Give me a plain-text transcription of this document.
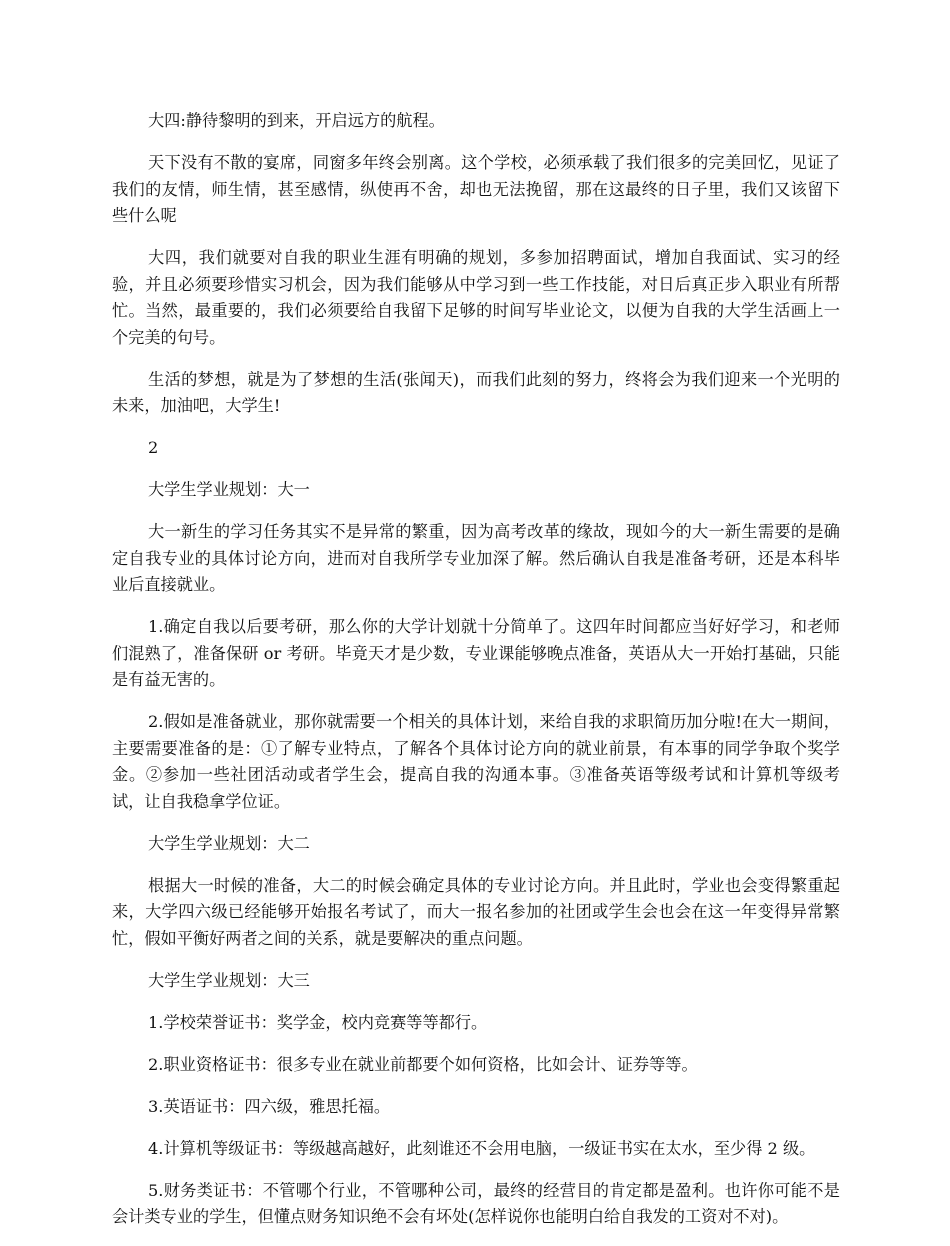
大四:静待黎明的到来，开启远方的航程。

天下没有不散的宴席，同窗多年终会别离。这个学校，必须承载了我们很多的完美回忆，见证了我们的友情，师生情，甚至感情，纵使再不舍，却也无法挽留，那在这最终的日子里，我们又该留下些什么呢

大四，我们就要对自我的职业生涯有明确的规划，多参加招聘面试，增加自我面试、实习的经验，并且必须要珍惜实习机会，因为我们能够从中学习到一些工作技能，对日后真正步入职业有所帮忙。当然，最重要的，我们必须要给自我留下足够的时间写毕业论文，以便为自我的大学生活画上一个完美的句号。

生活的梦想，就是为了梦想的生活(张闻天)，而我们此刻的努力，终将会为我们迎来一个光明的未来，加油吧，大学生!

2

大学生学业规划：大一

大一新生的学习任务其实不是异常的繁重，因为高考改革的缘故，现如今的大一新生需要的是确定自我专业的具体讨论方向，进而对自我所学专业加深了解。然后确认自我是准备考研，还是本科毕业后直接就业。

1.确定自我以后要考研，那么你的大学计划就十分简单了。这四年时间都应当好好学习，和老师们混熟了，准备保研 or 考研。毕竟天才是少数，专业课能够晚点准备，英语从大一开始打基础，只能是有益无害的。

2.假如是准备就业，那你就需要一个相关的具体计划，来给自我的求职简历加分啦!在大一期间，主要需要准备的是：①了解专业特点，了解各个具体讨论方向的就业前景，有本事的同学争取个奖学金。②参加一些社团活动或者学生会，提高自我的沟通本事。③准备英语等级考试和计算机等级考试，让自我稳拿学位证。

大学生学业规划：大二

根据大一时候的准备，大二的时候会确定具体的专业讨论方向。并且此时，学业也会变得繁重起来，大学四六级已经能够开始报名考试了，而大一报名参加的社团或学生会也会在这一年变得异常繁忙，假如平衡好两者之间的关系，就是要解决的重点问题。

大学生学业规划：大三

1.学校荣誉证书：奖学金，校内竞赛等等都行。

2.职业资格证书：很多专业在就业前都要个如何资格，比如会计、证券等等。

3.英语证书：四六级，雅思托福。

4.计算机等级证书：等级越高越好，此刻谁还不会用电脑，一级证书实在太水，至少得 2 级。

5.财务类证书：不管哪个行业，不管哪种公司，最终的经营目的肯定都是盈利。也许你可能不是会计类专业的学生，但懂点财务知识绝不会有坏处(怎样说你也能明白给自我发的工资对不对)。
